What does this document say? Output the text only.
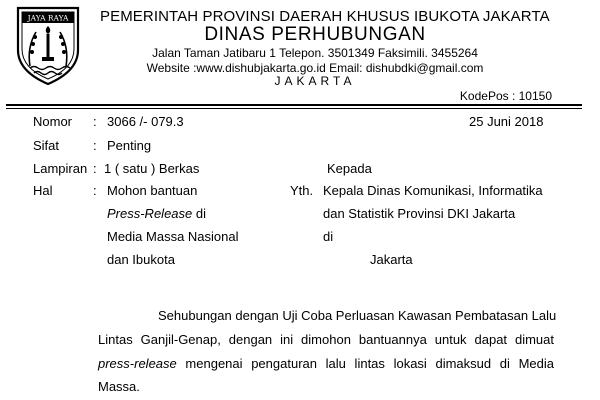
JAYA RAYA PEMERINTAH PROVINSI DAERAH KHUSUS IBUKOTA JAKARTA
DINAS PERHUBUNGAN
Jalan Taman Jatibaru 1 Telepon. 3501349 Faksimili. 3455264
Website :www.dishubjakarta.go.id Email: dishubdki@gmail.com
JAKARTA
KodePos : 10150
Nomor : 3066 /- 079.3	25 Juni 2018
Sifat	: Penting
Lampiran : 1 ( satu ) Berkas
Hal	: Mohon bantuan
Press-Release di
Media Massa Nasional
dan Ibukota
Kepada
Yth. Kepala Dinas Komunikasi, Informatika
dan Statistik Provinsi DKI Jakarta
di
Jakarta
Sehubungan dengan Uji Coba Perluasan Kawasan Pembatasan Lalu
Lintas Ganjil-Genap, dengan ini dimohon bantuannya untuk dapat dimuat
press-release mengenai pengaturan lalu lintas lokasi dimaksud di Media
Massa.
